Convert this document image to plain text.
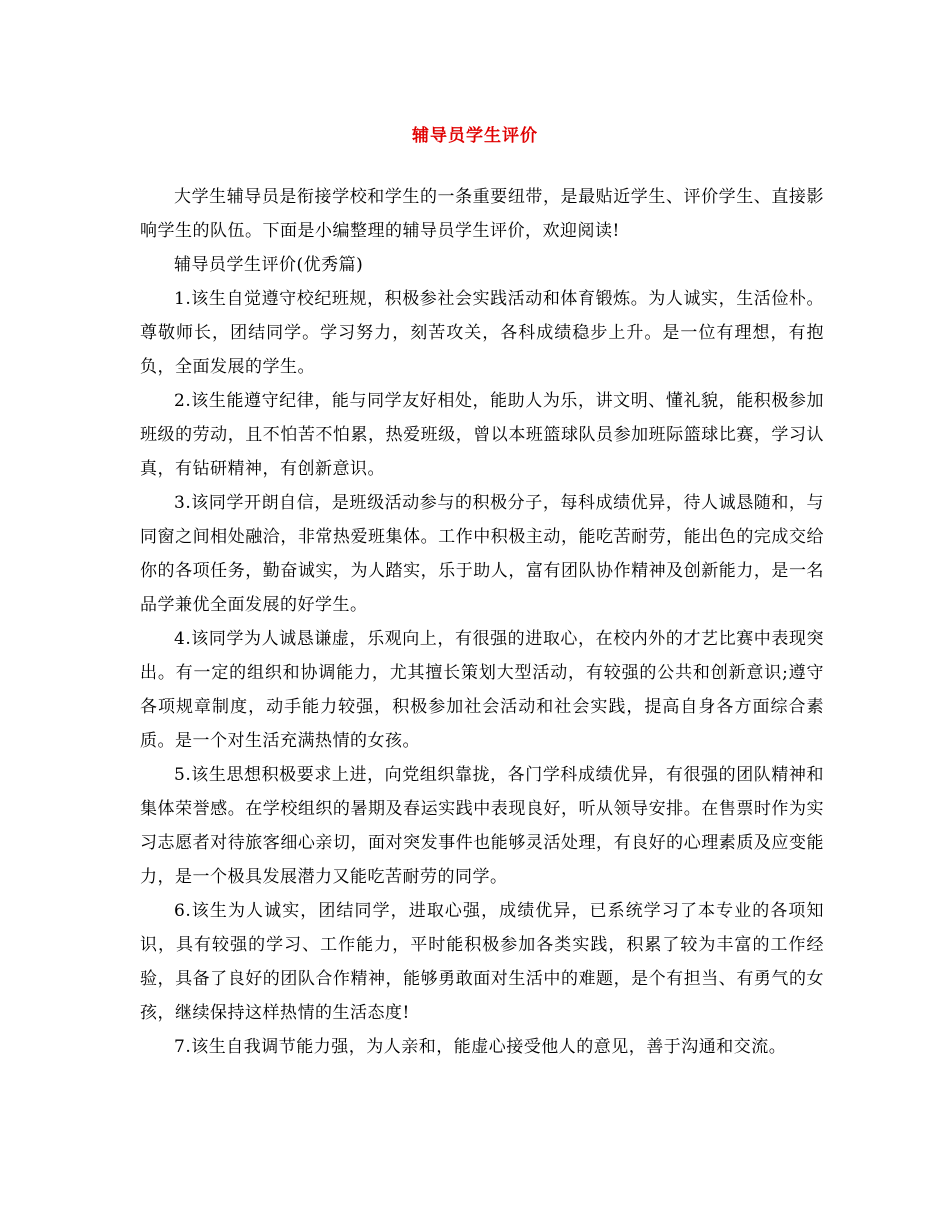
辅导员学生评价

大学生辅导员是衔接学校和学生的一条重要纽带，是最贴近学生、评价学生、直接影响学生的队伍。下面是小编整理的辅导员学生评价，欢迎阅读!

辅导员学生评价(优秀篇)

1.该生自觉遵守校纪班规，积极参社会实践活动和体育锻炼。为人诚实，生活俭朴。尊敬师长，团结同学。学习努力，刻苦攻关，各科成绩稳步上升。是一位有理想，有抱负，全面发展的学生。

2.该生能遵守纪律，能与同学友好相处，能助人为乐，讲文明、懂礼貌，能积极参加班级的劳动，且不怕苦不怕累，热爱班级，曾以本班篮球队员参加班际篮球比赛，学习认真，有钻研精神，有创新意识。

3.该同学开朗自信，是班级活动参与的积极分子，每科成绩优异，待人诚恳随和，与同窗之间相处融洽，非常热爱班集体。工作中积极主动，能吃苦耐劳，能出色的完成交给你的各项任务，勤奋诚实，为人踏实，乐于助人，富有团队协作精神及创新能力，是一名品学兼优全面发展的好学生。

4.该同学为人诚恳谦虚，乐观向上，有很强的进取心，在校内外的才艺比赛中表现突出。有一定的组织和协调能力，尤其擅长策划大型活动，有较强的公共和创新意识;遵守各项规章制度，动手能力较强，积极参加社会活动和社会实践，提高自身各方面综合素质。是一个对生活充满热情的女孩。

5.该生思想积极要求上进，向党组织靠拢，各门学科成绩优异，有很强的团队精神和集体荣誉感。在学校组织的暑期及春运实践中表现良好，听从领导安排。在售票时作为实习志愿者对待旅客细心亲切，面对突发事件也能够灵活处理，有良好的心理素质及应变能力，是一个极具发展潜力又能吃苦耐劳的同学。

6.该生为人诚实，团结同学，进取心强，成绩优异，已系统学习了本专业的各项知识，具有较强的学习、工作能力，平时能积极参加各类实践，积累了较为丰富的工作经验，具备了良好的团队合作精神，能够勇敢面对生活中的难题，是个有担当、有勇气的女孩，继续保持这样热情的生活态度!

7.该生自我调节能力强，为人亲和，能虚心接受他人的意见，善于沟通和交流。
